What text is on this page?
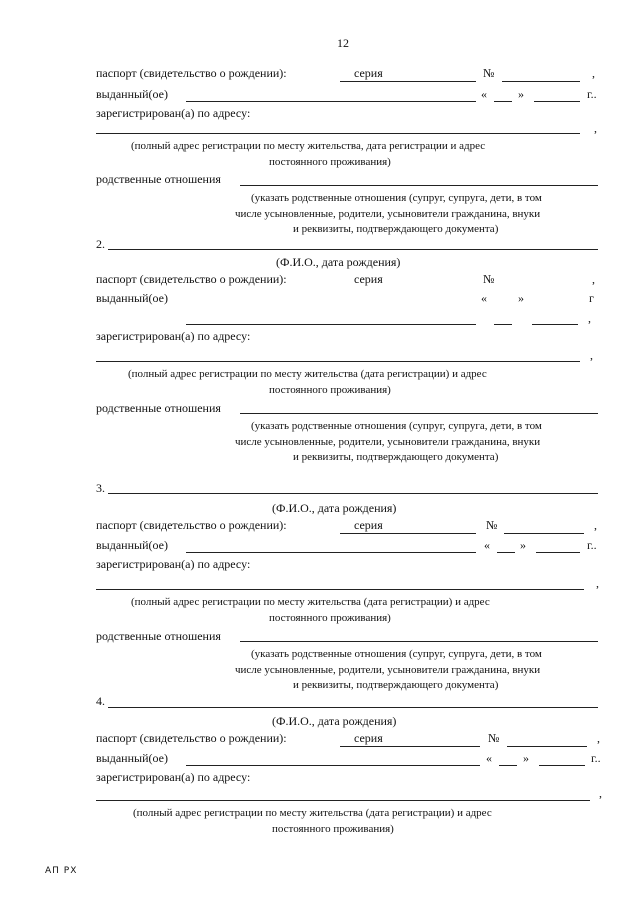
12
паспорт (свидетельство о рождении):	серия	№	,
выданный(ое)	«	»	г..
зарегистрирован(а) по адресу:
,
(полный адрес регистрации по месту жительства, дата регистрации и адрес
постоянного проживания)
родственные отношения
(указать родственные отношения (супруг, супруга, дети, в том
числе усыновленные, родители, усыновители гражданина, внуки
и реквизиты, подтверждающего документа)
2.
(Ф.И.О., дата рождения)
паспорт (свидетельство о рождении):	серия	№	,
выданный(ое)	«	»	г
,
зарегистрирован(а) по адресу:
,
(полный адрес регистрации по месту жительства (дата регистрации) и адрес
постоянного проживания)
родственные отношения
(указать родственные отношения (супруг, супруга, дети, в том
числе усыновленные, родители, усыновители гражданина, внуки
и реквизиты, подтверждающего документа)
3.
(Ф.И.О., дата рождения)
паспорт (свидетельство о рождении):	серия	№	,
выданный(ое)	«	»	г..
зарегистрирован(а) по адресу:
,
(полный адрес регистрации по месту жительства (дата регистрации) и адрес
постоянного проживания)
родственные отношения
(указать родственные отношения (супруг, супруга, дети, в том
числе усыновленные, родители, усыновители гражданина, внуки
и реквизиты, подтверждающего документа)
4.
(Ф.И.О., дата рождения)
паспорт (свидетельство о рождении):	серия	№	,
выданный(ое)	«	»	г..
зарегистрирован(а) по адресу:
,
(полный адрес регистрации по месту жительства (дата регистрации) и адрес
постоянного проживания)
АП РХ
